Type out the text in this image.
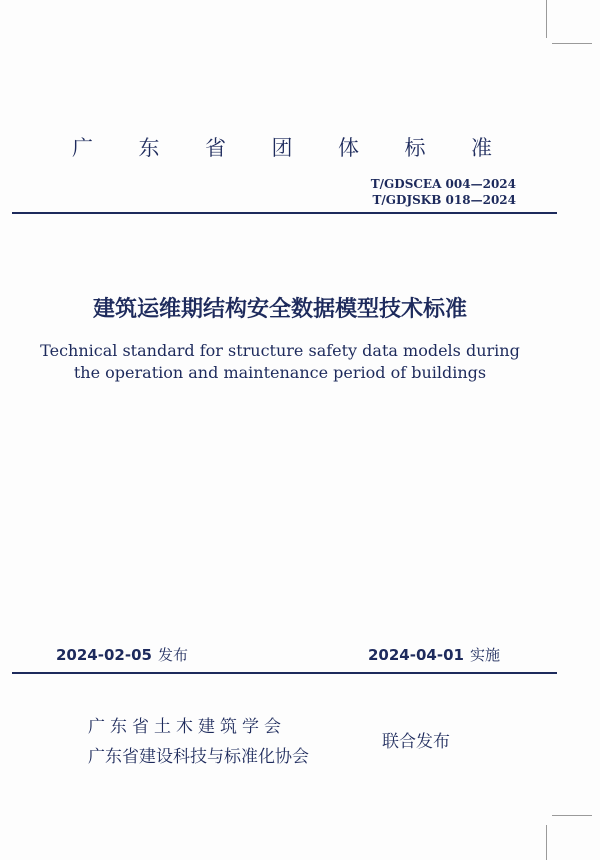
广 东 省 团 体 标 准
T/GDSCEA 004—2024
T/GDJSKB 018—2024
建筑运维期结构安全数据模型技术标准
Technical standard for structure safety data models during
the operation and maintenance period of buildings
2024-02-05 发布	2024-04-01 实施
广东省土木建筑学会
广东省建设科技与标准化协会
联合发布
